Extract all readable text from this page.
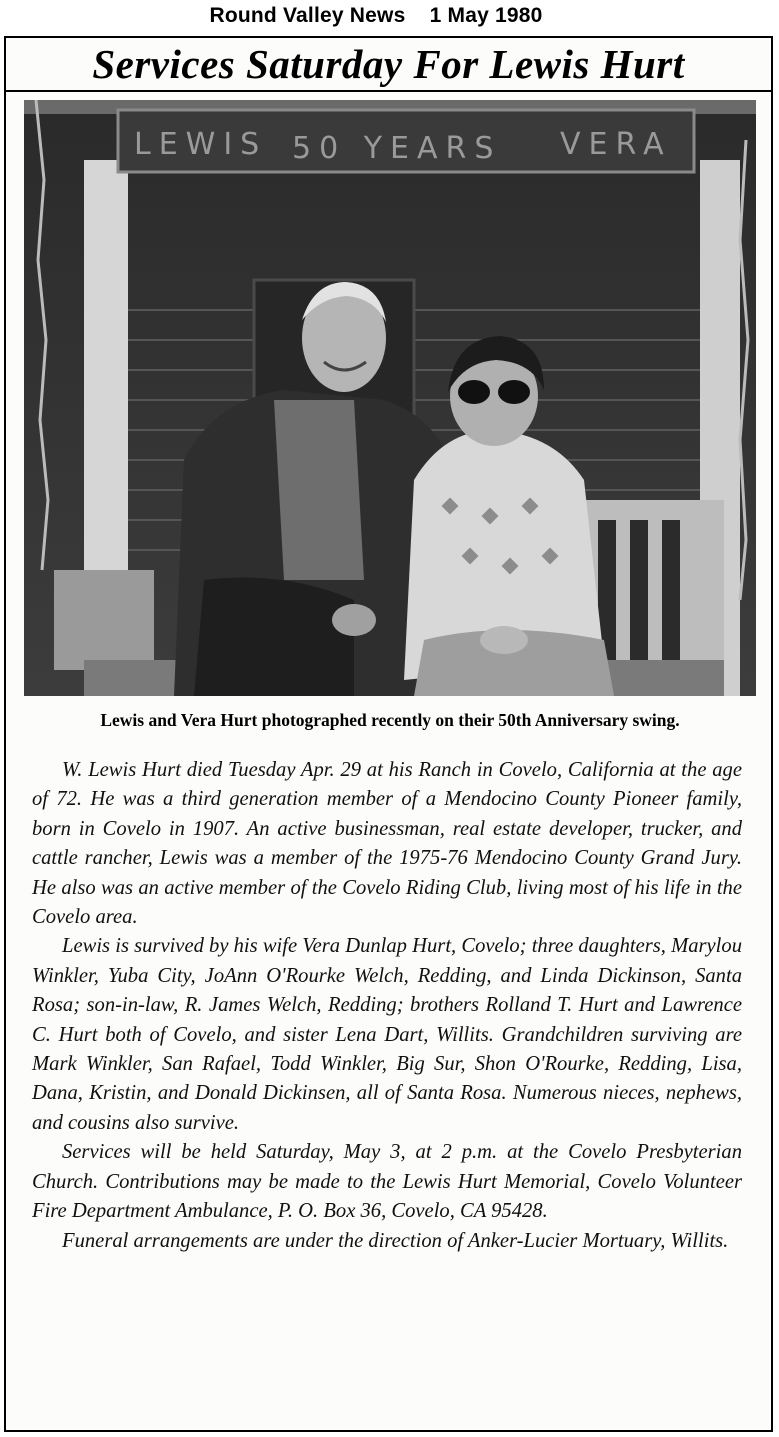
Round Valley News 1 May 1980
Services Saturday For Lewis Hurt
LEWIS 50 YEARS VERA
Lewis and Vera Hurt photographed recently on their 50th Anniversary swing.

W. Lewis Hurt died Tuesday Apr. 29 at his Ranch in Covelo, California at the age of 72. He was a third generation member of a Mendocino County Pioneer family, born in Covelo in 1907. An active businessman, real estate developer, trucker, and cattle rancher, Lewis was a member of the 1975-76 Mendocino County Grand Jury. He also was an active member of the Covelo Riding Club, living most of his life in the Covelo area.

Lewis is survived by his wife Vera Dunlap Hurt, Covelo; three daughters, Marylou Winkler, Yuba City, JoAnn O'Rourke Welch, Redding, and Linda Dickinson, Santa Rosa; son-in-law, R. James Welch, Redding; brothers Rolland T. Hurt and Lawrence C. Hurt both of Covelo, and sister Lena Dart, Willits. Grandchildren surviving are Mark Winkler, San Rafael, Todd Winkler, Big Sur, Shon O'Rourke, Redding, Lisa, Dana, Kristin, and Donald Dickinsen, all of Santa Rosa. Numerous nieces, nephews, and cousins also survive.

Services will be held Saturday, May 3, at 2 p.m. at the Covelo Presbyterian Church. Contributions may be made to the Lewis Hurt Memorial, Covelo Volunteer Fire Department Ambulance, P. O. Box 36, Covelo, CA 95428.

Funeral arrangements are under the direction of Anker-Lucier Mortuary, Willits.
